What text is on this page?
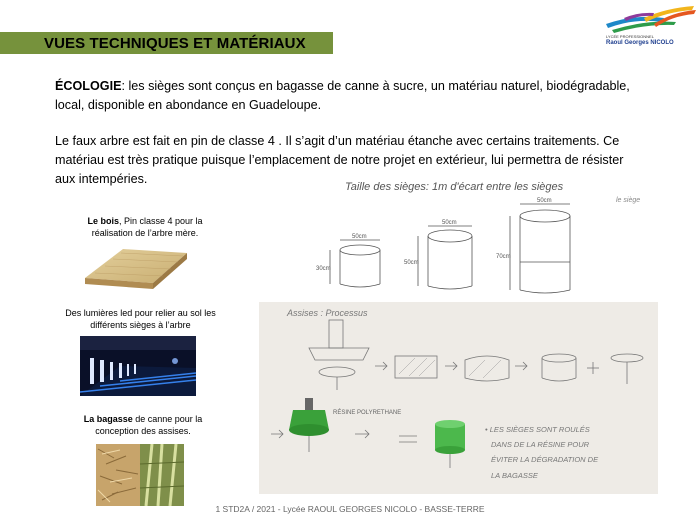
VUES TECHNIQUES ET MATÉRIAUX	LYCÉE PROFESSIONNEL
Raoul Georges NICOLO

ÉCOLOGIE: les sièges sont conçus en bagasse de canne à sucre, un matériau naturel, biodégradable, local, disponible en abondance en Guadeloupe.

Le faux arbre est fait en pin de classe 4 . Il s’agit d’un matériau étanche avec certains traitements. Ce matériau est très pratique puisque l’emplacement de notre projet en extérieur, lui permettra de résister aux intempéries.

Le bois, Pin classe 4 pour la réalisation de l’arbre mère.
Des lumières led pour relier au sol les différents sièges à l’arbre
La bagasse de canne pour la conception des assises.
Taille des sièges: 1m d'écart entre les sièges
le siège
50cm
30cm
50cm
50cm
50cm
70cm
Assises : Processus
RÉSINE POLYRETHANE
• LES SIÈGES SONT ROULÉS
DANS DE LA RÉSINE POUR
ÉVITER LA DÉGRADATION DE
LA BAGASSE
1 STD2A / 2021 - Lycée RAOUL GEORGES NICOLO - BASSE-TERRE
